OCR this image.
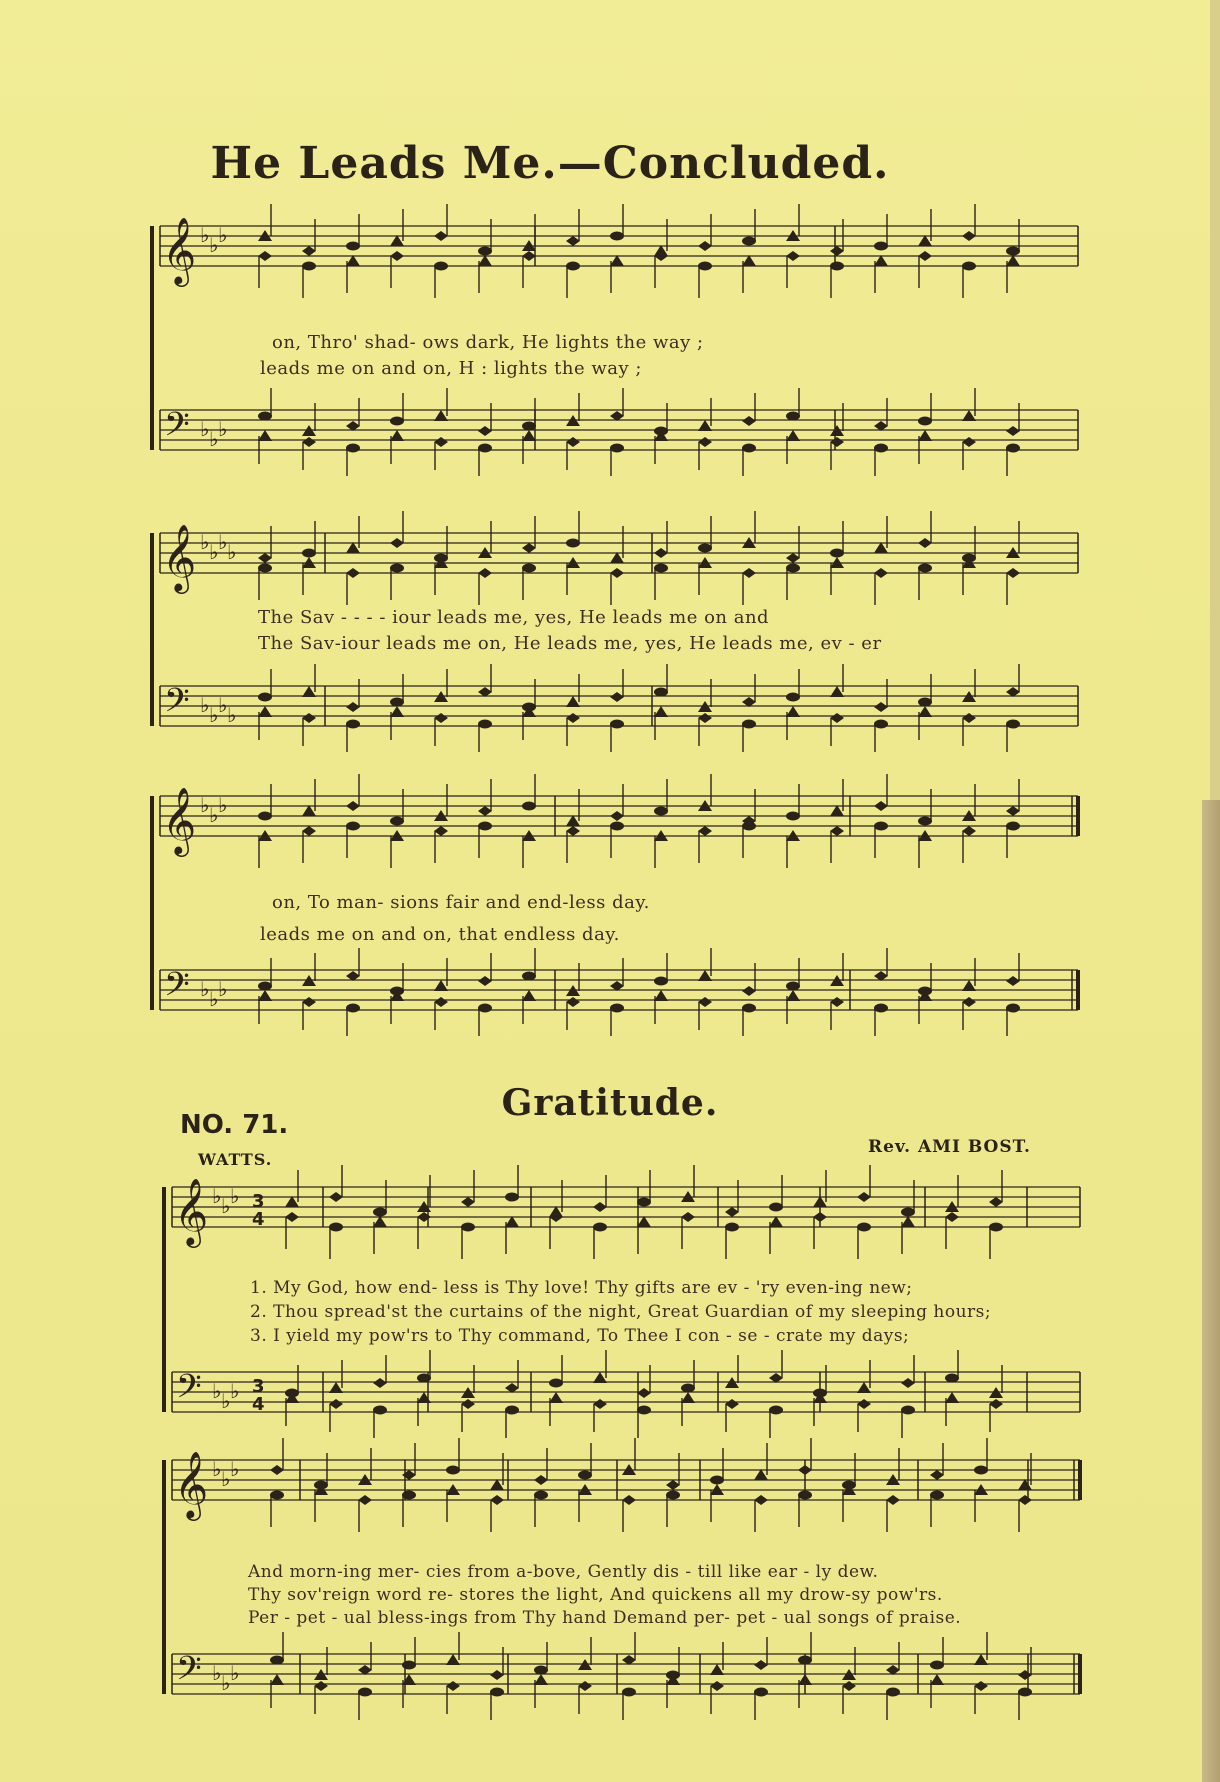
𝄞
𝄢
♭ ♭ ♭
♭ ♭ ♭
𝄞
𝄢
♭ ♭ ♭ ♭
♭ ♭ ♭ ♭
𝄞
𝄢
♭ ♭ ♭
♭ ♭ ♭
𝄞
𝄢
♭ ♭ ♭
♭ ♭ ♭
3
4
3
4
𝄞
𝄢
♭ ♭ ♭
♭ ♭ ♭
He Leads Me.—Concluded.
on, Thro' shad- ows dark, He lights the way ;
leads me on and on, H : lights the way ;
The Sav - - - - iour leads me, yes, He leads me on and
The Sav-iour leads me on, He leads me, yes, He leads me, ev - er
on, To man- sions fair and end-less day.
leads me on and on, that endless day.
NO. 71.
Gratitude.
WATTS.
Rev. AMI BOST.
1. My God, how end- less is Thy love! Thy gifts are ev - 'ry even-ing new;
2. Thou spread'st the curtains of the night, Great Guardian of my sleeping hours;
3. I yield my pow'rs to Thy command, To Thee I con - se - crate my days;
And morn-ing mer- cies from a-bove, Gently dis - till like ear - ly dew.
Thy sov'reign word re- stores the light, And quickens all my drow-sy pow'rs.
Per - pet - ual bless-ings from Thy hand Demand per- pet - ual songs of praise.
